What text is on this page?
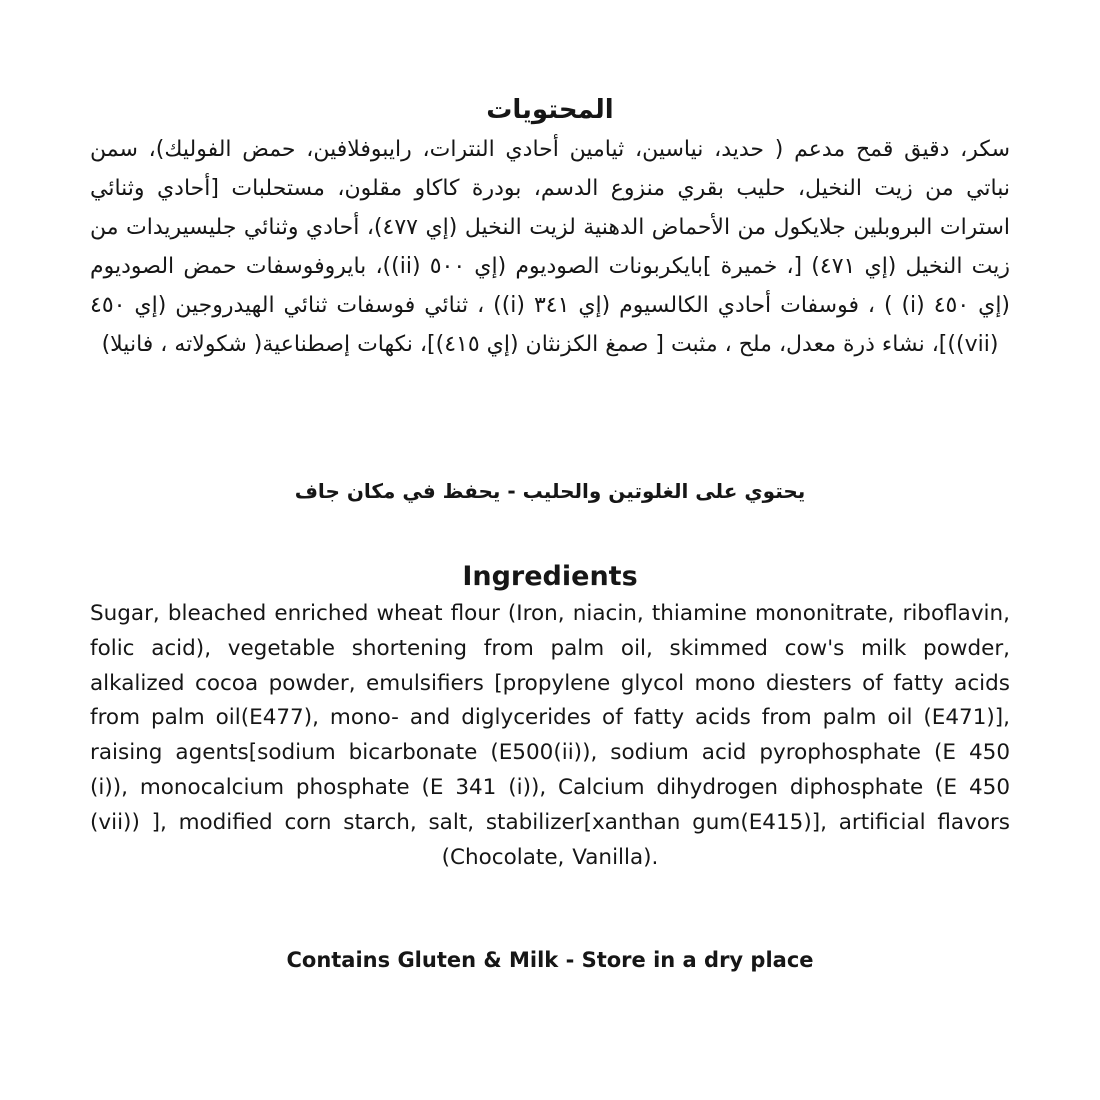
المحتويات

سكر، دقيق قمح مدعم ( حديد، نياسين، ثيامين أحادي النترات، رايبوفلافين، حمض الفوليك)، سمن نباتي من زيت النخيل، حليب بقري منزوع الدسم، بودرة كاكاو مقلون، مستحلبات [أحادي وثنائي استرات البروبلين جلايكول من الأحماض الدهنية لزيت النخيل (إي ٤٧٧)، أحادي وثنائي جليسيريدات من زيت النخيل (إي ٤٧١) [، خميرة ]بايكربونات الصوديوم (إي ٥٠٠ (ii))، بايروفوسفات حمض الصوديوم (إي ٤٥٠ (i) ) ، فوسفات أحادي الكالسيوم (إي ٣٤١ (i)) ، ثنائي فوسفات ثنائي الهيدروجين (إي ٤٥٠ (vii))]، نشاء ذرة معدل، ملح ، مثبت [ صمغ الكزنثان (إي ٤١٥)]، نكهات إصطناعية( شكولاته ، فانيلا)

يحتوي على الغلوتين والحليب - يحفظ في مكان جاف
Ingredients

Sugar, bleached enriched wheat flour (Iron, niacin, thiamine mononitrate, riboflavin, folic acid), vegetable shortening from palm oil, skimmed cow's milk powder, alkalized cocoa powder, emulsifiers [propylene glycol mono diesters of fatty acids from palm oil(E477), mono- and diglycerides of fatty acids from palm oil (E471)], raising agents[sodium bicarbonate (E500(ii)), sodium acid pyrophosphate (E 450 (i)), monocalcium phosphate (E 341 (i)), Calcium dihydrogen diphosphate (E 450 (vii)) ], modified corn starch, salt, stabilizer[xanthan gum(E415)], artificial flavors (Chocolate, Vanilla).

Contains Gluten & Milk - Store in a dry place
